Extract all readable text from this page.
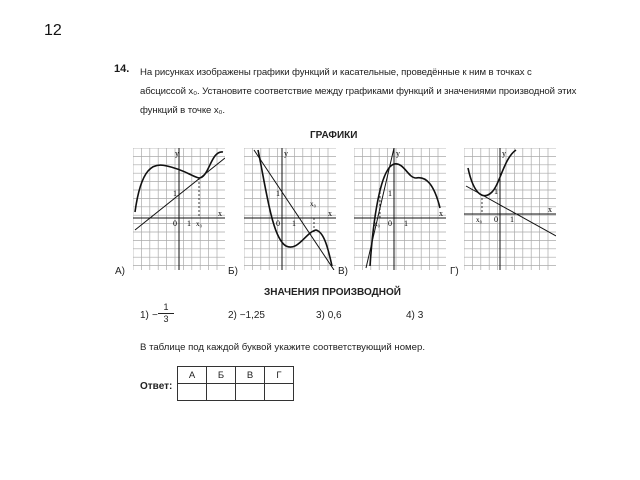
12
14. На рисунках изображены графики функций и касательные, проведённые к ним в точках с абсциссой x₀. Установите соответствие между графиками функций и значениями производной этих функций в точке x₀.
ГРАФИКИ
y
x
1
0 1 x₀
А)
y
x
1
0 1
x₀
Б)
y
x
1
0 1
x₀
В)
y
x
1
0 1
x₀
Г)
ЗНАЧЕНИЯ ПРОИЗВОДНОЙ
$1) - \frac{1}{3}$	2) −1,25	3) 0,6	4) 3
В таблице под каждой буквой укажите соответствующий номер.
Ответ:
А	Б	В	Г
